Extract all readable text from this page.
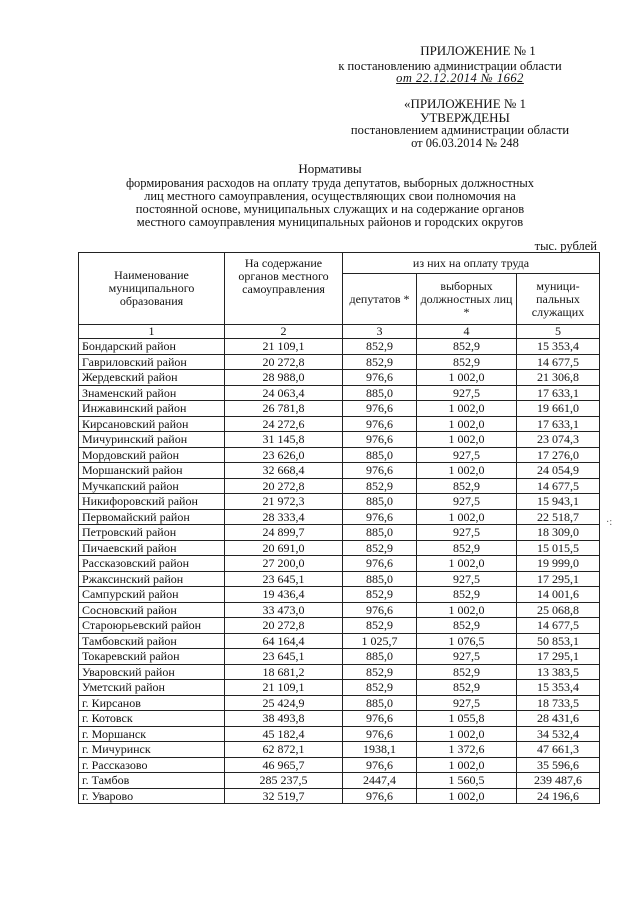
ПРИЛОЖЕНИЕ № 1
к постановлению администрации области
от 22.12.2014 № 1662
«ПРИЛОЖЕНИЕ № 1
УТВЕРЖДЕНЫ
постановлением администрации области
от 06.03.2014 № 248
Нормативы
формирования расходов на оплату труда депутатов, выборных должностных
лиц местного самоуправления, осуществляющих свои полномочия на
постоянной основе, муниципальных служащих и на содержание органов
местного самоуправления муниципальных районов и городских округов
тыс. рублей
Наименование муниципального образования	На содержание органов местного самоуправления	из них на оплату труда		
		депутатов *	выборных должностных лиц *	муници-пальных служащих
1	2	3	4	5
Бондарский район	21 109,1	852,9	852,9	15 353,4
Гавриловский район	20 272,8	852,9	852,9	14 677,5
Жердевский район	28 988,0	976,6	1 002,0	21 306,8
Знаменский район	24 063,4	885,0	927,5	17 633,1
Инжавинский район	26 781,8	976,6	1 002,0	19 661,0
Кирсановский район	24 272,6	976,6	1 002,0	17 633,1
Мичуринский район	31 145,8	976,6	1 002,0	23 074,3
Мордовский район	23 626,0	885,0	927,5	17 276,0
Моршанский район	32 668,4	976,6	1 002,0	24 054,9
Мучкапский район	20 272,8	852,9	852,9	14 677,5
Никифоровский район	21 972,3	885,0	927,5	15 943,1
Первомайский район	28 333,4	976,6	1 002,0	22 518,7
Петровский район	24 899,7	885,0	927,5	18 309,0
Пичаевский район	20 691,0	852,9	852,9	15 015,5
Рассказовский район	27 200,0	976,6	1 002,0	19 999,0
Ржаксинский район	23 645,1	885,0	927,5	17 295,1
Сампурский район	19 436,4	852,9	852,9	14 001,6
Сосновский район	33 473,0	976,6	1 002,0	25 068,8
Староюрьевский район	20 272,8	852,9	852,9	14 677,5
Тамбовский район	64 164,4	1 025,7	1 076,5	50 853,1
Токаревский район	23 645,1	885,0	927,5	17 295,1
Уваровский район	18 681,2	852,9	852,9	13 383,5
Уметский район	21 109,1	852,9	852,9	15 353,4
г. Кирсанов	25 424,9	885,0	927,5	18 733,5
г. Котовск	38 493,8	976,6	1 055,8	28 431,6
г. Моршанск	45 182,4	976,6	1 002,0	34 532,4
г. Мичуринск	62 872,1	1938,1	1 372,6	47 661,3
г. Рассказово	46 965,7	976,6	1 002,0	35 596,6
г. Тамбов	285 237,5	2447,4	1 560,5	239 487,6
г. Уварово	32 519,7	976,6	1 002,0	24 196,6
·:
